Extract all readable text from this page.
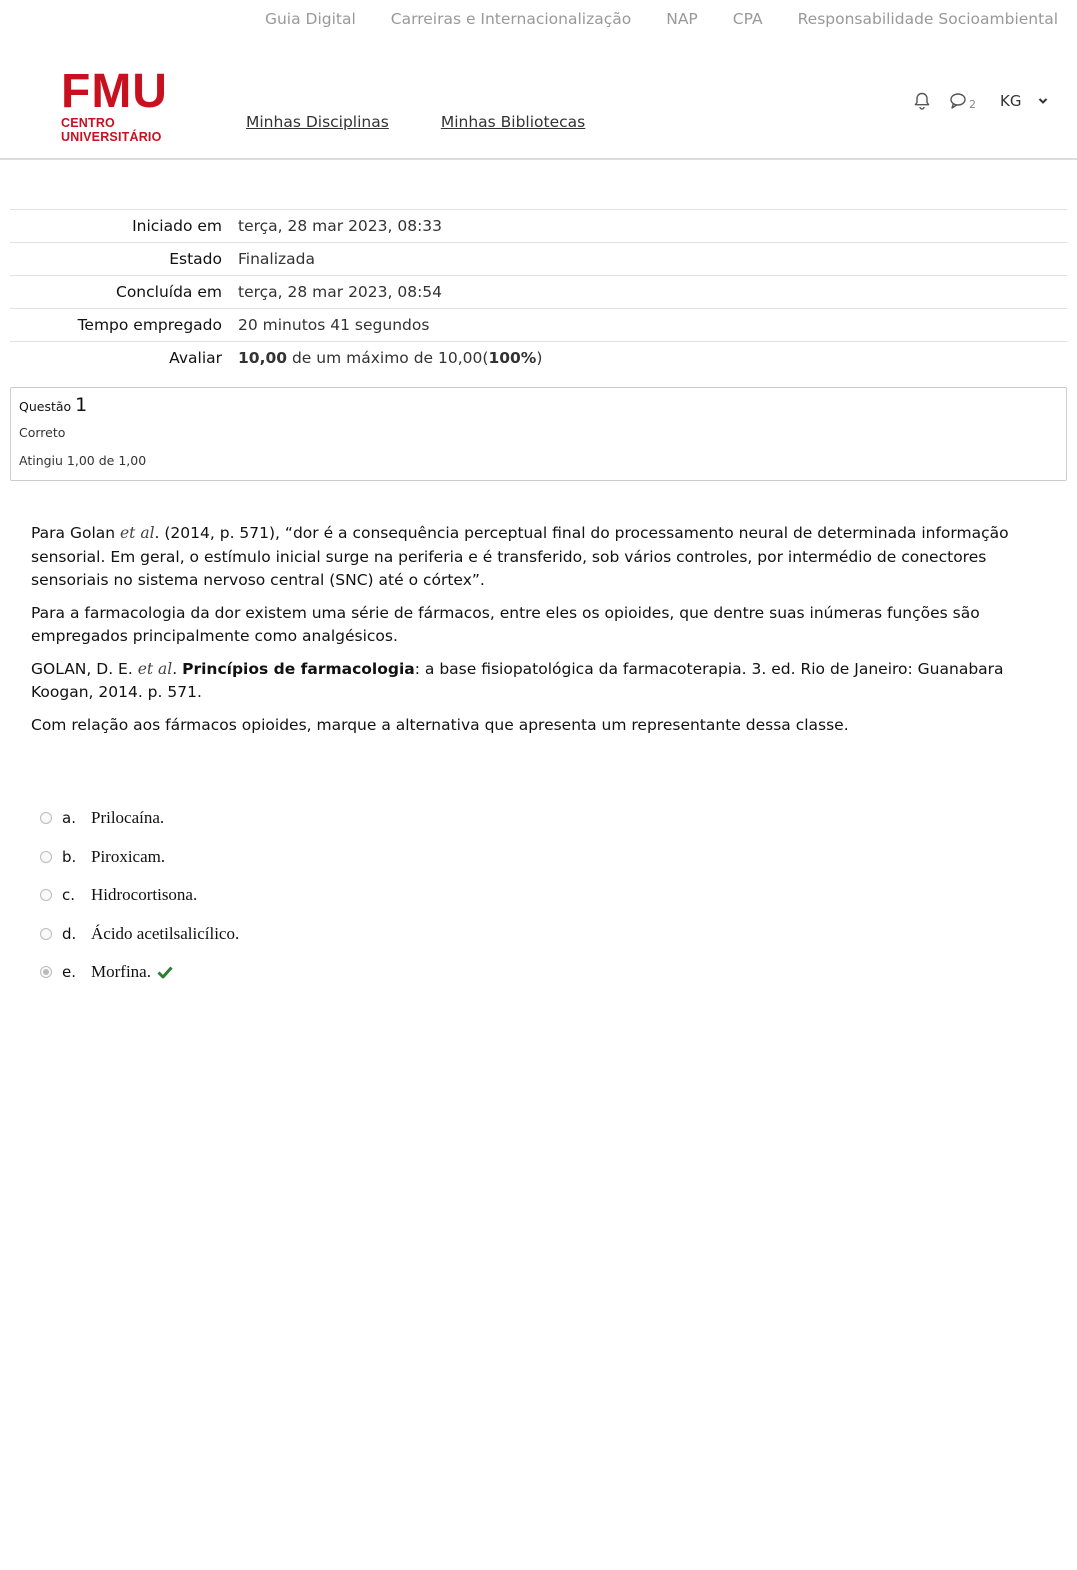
Guia Digital Carreiras e Internacionalização NAP CPA Responsabilidade Socioambiental
FMU
CENTRO UNIVERSITÁRIO
Minhas Disciplinas	Minhas Bibliotecas
2 KG
Iniciado em	terça, 28 mar 2023, 08:33
Estado	Finalizada
Concluída em	terça, 28 mar 2023, 08:54
Tempo empregado	20 minutos 41 segundos
Avaliar	10,00 de um máximo de 10,00(100%)
Questão 1
Correto
Atingiu 1,00 de 1,00

Para Golan et al. (2014, p. 571), “dor é a consequência perceptual final do processamento neural de determinada informação sensorial. Em geral, o estímulo inicial surge na periferia e é transferido, sob vários controles, por intermédio de conectores sensoriais no sistema nervoso central (SNC) até o córtex”.

Para a farmacologia da dor existem uma série de fármacos, entre eles os opioides, que dentre suas inúmeras funções são empregados principalmente como analgésicos.

GOLAN, D. E. et al. Princípios de farmacologia: a base fisiopatológica da farmacoterapia. 3. ed. Rio de Janeiro: Guanabara Koogan, 2014. p. 571.

Com relação aos fármacos opioides, marque a alternativa que apresenta um representante dessa classe.

a. Prilocaína.
b. Piroxicam.
c. Hidrocortisona.
d. Ácido acetilsalicílico.
e. Morfina.
